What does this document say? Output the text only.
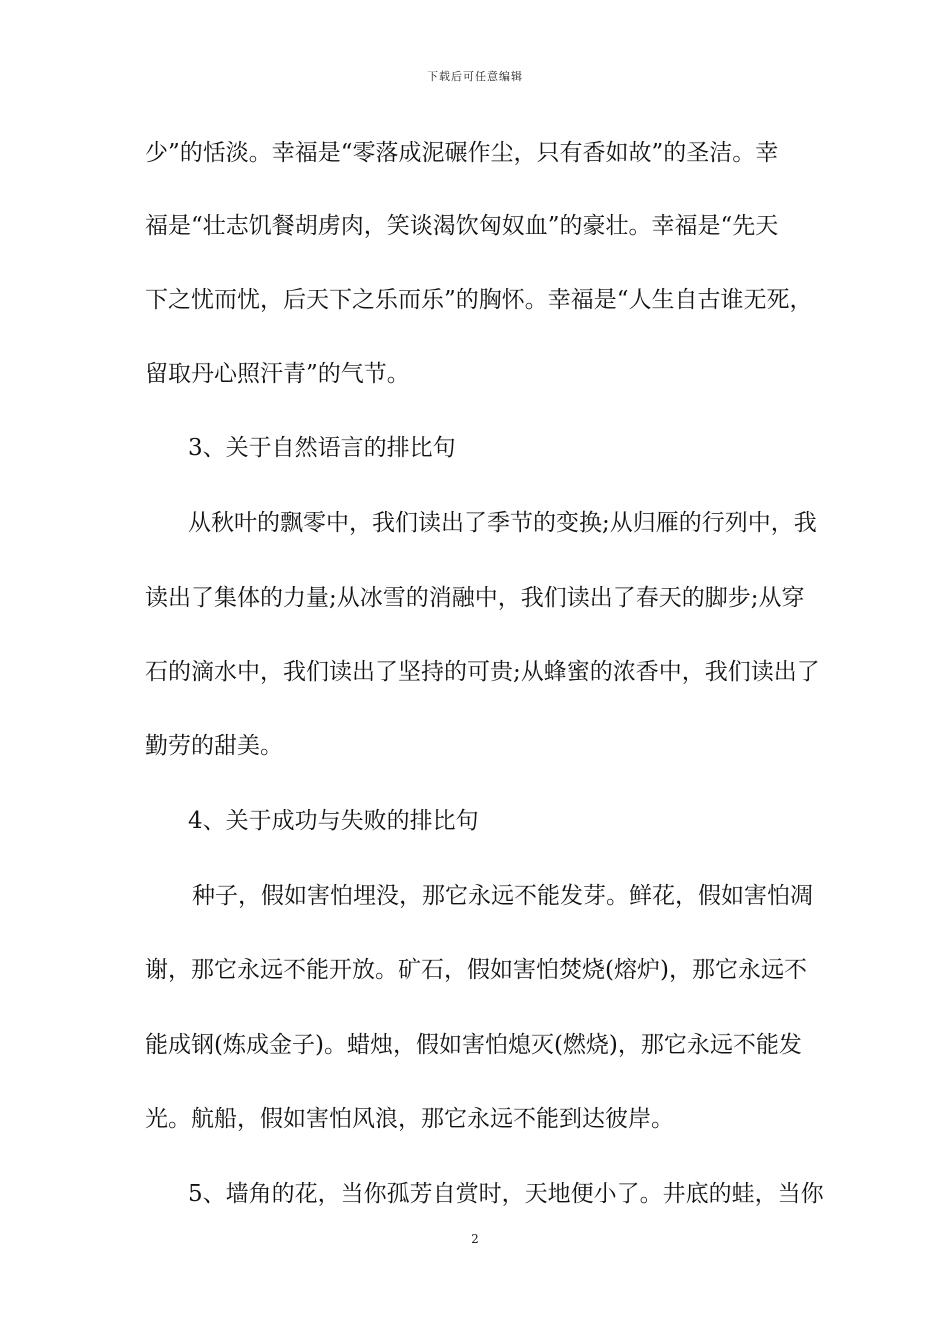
下载后可任意编辑
少”的恬淡。幸福是“零落成泥碾作尘，只有香如故”的圣洁。幸
福是“壮志饥餐胡虏肉，笑谈渴饮匈奴血”的豪壮。幸福是“先天
下之忧而忧，后天下之乐而乐”的胸怀。幸福是“人生自古谁无死，
留取丹心照汗青”的气节。
3、关于自然语言的排比句
从秋叶的飘零中，我们读出了季节的变换;从归雁的行列中，我
读出了集体的力量;从冰雪的消融中，我们读出了春天的脚步;从穿
石的滴水中，我们读出了坚持的可贵;从蜂蜜的浓香中，我们读出了
勤劳的甜美。
4、关于成功与失败的排比句
种子，假如害怕埋没，那它永远不能发芽。鲜花，假如害怕凋
谢，那它永远不能开放。矿石，假如害怕焚烧(熔炉)，那它永远不
能成钢(炼成金子)。蜡烛，假如害怕熄灭(燃烧)，那它永远不能发
光。航船，假如害怕风浪，那它永远不能到达彼岸。
5、墙角的花，当你孤芳自赏时，天地便小了。井底的蛙，当你
2
